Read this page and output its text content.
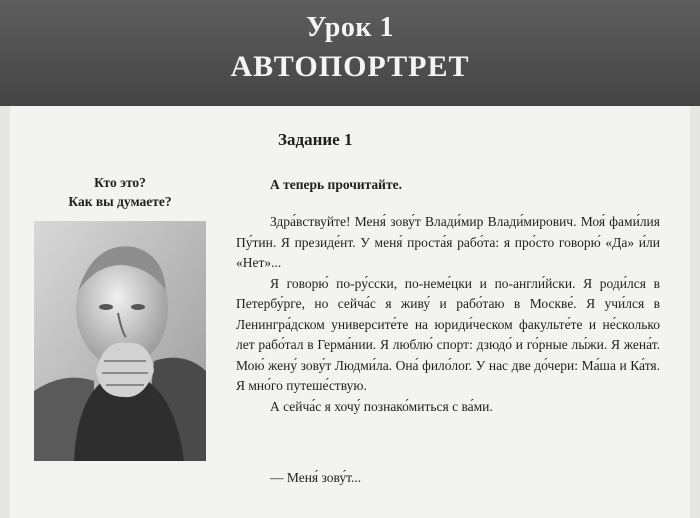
Урок 1
АВТОПОРТРЕТ
Задание 1
Кто это?
Как вы думаете?
А теперь прочитайте.

Здра́вствуйте! Меня́ зову́т Влади́мир Влади́мирович. Моя́ фами́лия Пу́тин. Я президе́нт. У меня́ проста́я рабо́та: я про́сто говорю́ «Да» и́ли «Нет»...

Я говорю́ по-ру́сски, по-неме́цки и по-англи́йски. Я роди́лся в Петербу́рге, но сейча́с я живу́ и рабо́таю в Москве́. Я учи́лся в Ленингра́дском университе́те на юриди́ческом факульте́те и не́сколько лет рабо́тал в Герма́нии. Я люблю́ спорт: дзюдо́ и го́рные лы́жи. Я жена́т. Мою́ жену́ зову́т Людми́ла. Она́ фило́лог. У нас две до́чери: Ма́ша и Ка́тя. Я мно́го путеше́ствую.

А сейча́с я хочу́ познако́миться с ва́ми.

— Меня́ зову́т...
